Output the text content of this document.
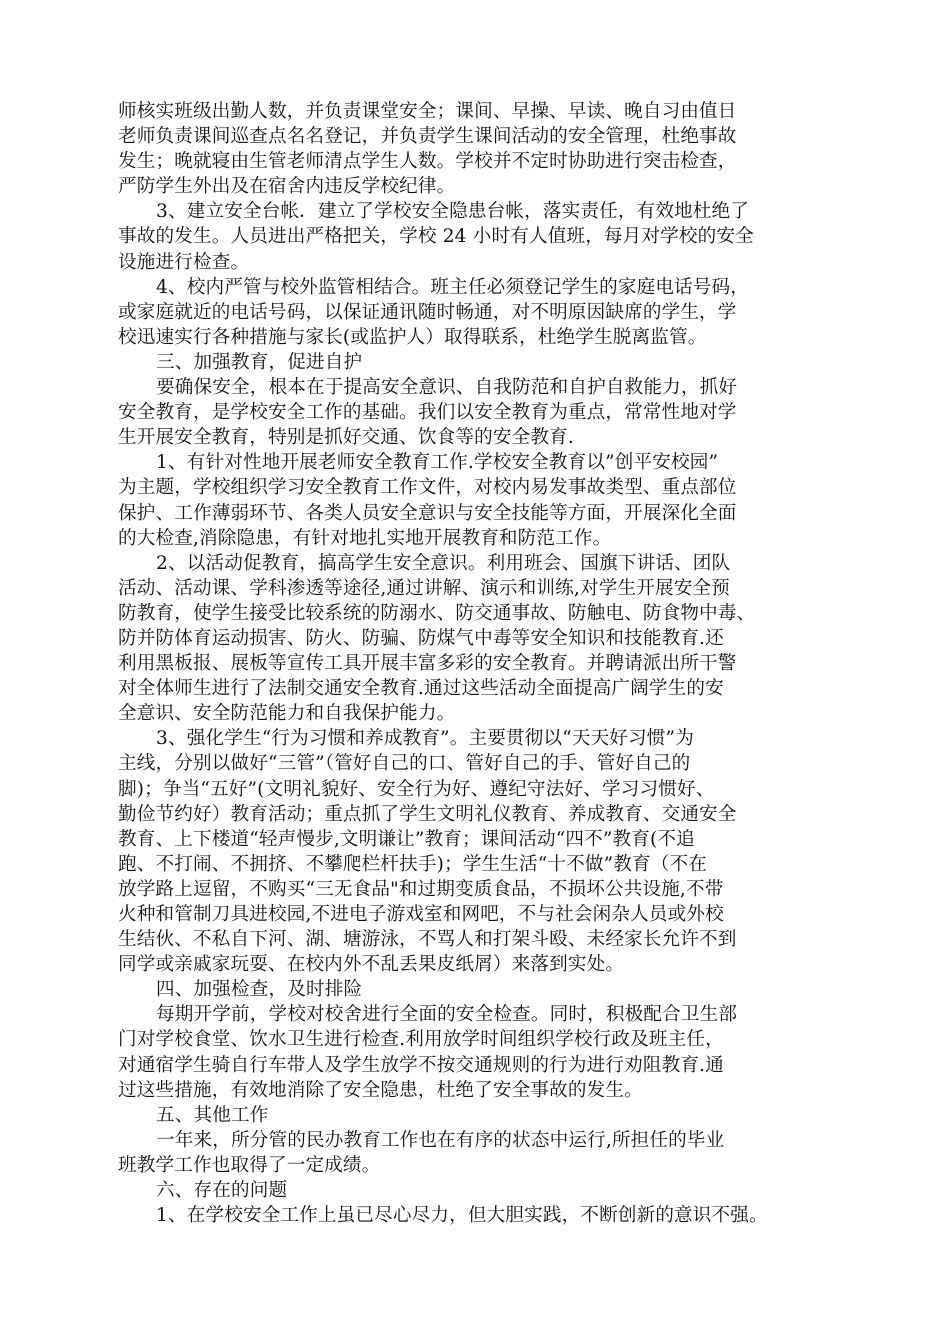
师核实班级出勤人数，并负责课堂安全；课间、早操、早读、晚自习由值日
老师负责课间巡查点名名登记，并负责学生课间活动的安全管理，杜绝事故
发生；晚就寝由生管老师清点学生人数。学校并不定时协助进行突击检查，
严防学生外出及在宿舍内违反学校纪律。
3、建立安全台帐．建立了学校安全隐患台帐，落实责任，有效地杜绝了
事故的发生。人员进出严格把关，学校 24 小时有人值班，每月对学校的安全
设施进行检查。
4、校内严管与校外监管相结合。班主任必须登记学生的家庭电话号码，
或家庭就近的电话号码，以保证通讯随时畅通，对不明原因缺席的学生，学
校迅速实行各种措施与家长(或监护人）取得联系，杜绝学生脱离监管。
三、加强教育，促进自护
要确保安全，根本在于提高安全意识、自我防范和自护自救能力，抓好
安全教育，是学校安全工作的基础。我们以安全教育为重点，常常性地对学
生开展安全教育，特别是抓好交通、饮食等的安全教育.
1、有针对性地开展老师安全教育工作.学校安全教育以”创平安校园”
为主题，学校组织学习安全教育工作文件，对校内易发事故类型、重点部位
保护、工作薄弱环节、各类人员安全意识与安全技能等方面，开展深化全面
的大检查,消除隐患，有针对地扎实地开展教育和防范工作。
2、以活动促教育，搞高学生安全意识。利用班会、国旗下讲话、团队
活动、活动课、学科渗透等途径,通过讲解、演示和训练,对学生开展安全预
防教育，使学生接受比较系统的防溺水、防交通事故、防触电、防食物中毒、
防并防体育运动损害、防火、防骗、防煤气中毒等安全知识和技能教育.还
利用黑板报、展板等宣传工具开展丰富多彩的安全教育。并聘请派出所干警
对全体师生进行了法制交通安全教育.通过这些活动全面提高广阔学生的安
全意识、安全防范能力和自我保护能力。
3、强化学生“行为习惯和养成教育”。主要贯彻以“天天好习惯”为
主线，分别以做好“三管”（管好自己的口、管好自己的手、管好自己的
脚)；争当“五好”(文明礼貌好、安全行为好、遵纪守法好、学习习惯好、
勤俭节约好）教育活动；重点抓了学生文明礼仪教育、养成教育、交通安全
教育、上下楼道“轻声慢步,文明谦让”教育；课间活动“四不”教育(不追
跑、不打闹、不拥挤、不攀爬栏杆扶手)；学生生活“十不做”教育（不在
放学路上逗留，不购买“三无食品"和过期变质食品，不损坏公共设施,不带
火种和管制刀具进校园,不进电子游戏室和网吧，不与社会闲杂人员或外校
生结伙、不私自下河、湖、塘游泳，不骂人和打架斗殴、未经家长允许不到
同学或亲戚家玩耍、在校内外不乱丢果皮纸屑）来落到实处。
四、加强检查，及时排险
每期开学前，学校对校舍进行全面的安全检查。同时，积极配合卫生部
门对学校食堂、饮水卫生进行检查.利用放学时间组织学校行政及班主任，
对通宿学生骑自行车带人及学生放学不按交通规则的行为进行劝阻教育.通
过这些措施，有效地消除了安全隐患，杜绝了安全事故的发生。
五、其他工作
一年来，所分管的民办教育工作也在有序的状态中运行,所担任的毕业
班教学工作也取得了一定成绩。
六、存在的问题
1、在学校安全工作上虽已尽心尽力，但大胆实践，不断创新的意识不强。
